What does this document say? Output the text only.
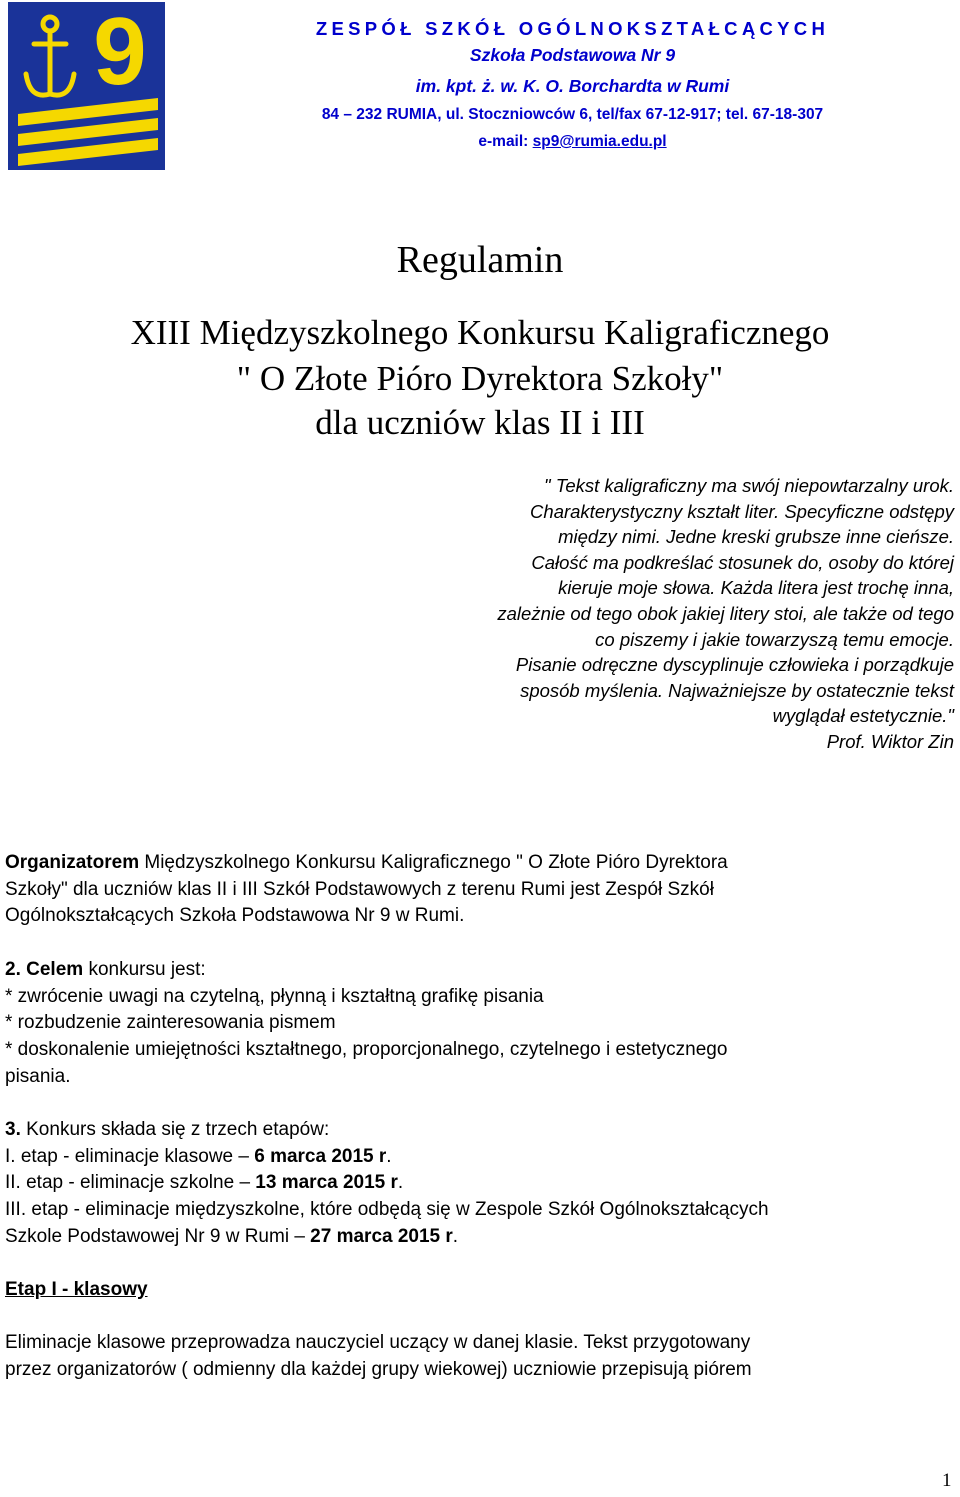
9	ZESPÓŁ SZKÓŁ OGÓLNOKSZTAŁCĄCYCH
Szkoła Podstawowa Nr 9
im. kpt. ż. w. K. O. Borchardta w Rumi
84 – 232 RUMIA, ul. Stoczniowców 6, tel/fax 67-12-917; tel. 67-18-307
e-mail: sp9@rumia.edu.pl
Regulamin
XIII Międzyszkolnego Konkursu Kaligraficznego
" O Złote Pióro Dyrektora Szkoły"
dla uczniów klas II i III
" Tekst kaligraficzny ma swój niepowtarzalny urok.
Charakterystyczny kształt liter. Specyficzne odstępy
między nimi. Jedne kreski grubsze inne cieńsze.
Całość ma podkreślać stosunek do, osoby do której
kieruje moje słowa. Każda litera jest trochę inna,
zależnie od tego obok jakiej litery stoi, ale także od tego
co piszemy i jakie towarzyszą temu emocje.
Pisanie odręczne dyscyplinuje człowieka i porządkuje
sposób myślenia. Najważniejsze by ostatecznie tekst
wyglądał estetycznie."
Prof. Wiktor Zin
Organizatorem Międzyszkolnego Konkursu Kaligraficznego " O Złote Pióro Dyrektora
Szkoły" dla uczniów klas II i III Szkół Podstawowych z terenu Rumi jest Zespół Szkół
Ogólnokształcących Szkoła Podstawowa Nr 9 w Rumi.
2. Celem konkursu jest:
* zwrócenie uwagi na czytelną, płynną i kształtną grafikę pisania
* rozbudzenie zainteresowania pismem
* doskonalenie umiejętności kształtnego, proporcjonalnego, czytelnego i estetycznego
pisania.
3. Konkurs składa się z trzech etapów:
I. etap - eliminacje klasowe – 6 marca 2015 r.
II. etap - eliminacje szkolne – 13 marca 2015 r.
III. etap - eliminacje międzyszkolne, które odbędą się w Zespole Szkół Ogólnokształcących
Szkole Podstawowej Nr 9 w Rumi – 27 marca 2015 r.
Etap I - klasowy
Eliminacje klasowe przeprowadza nauczyciel uczący w danej klasie. Tekst przygotowany
przez organizatorów ( odmienny dla każdej grupy wiekowej) uczniowie przepisują piórem
1
